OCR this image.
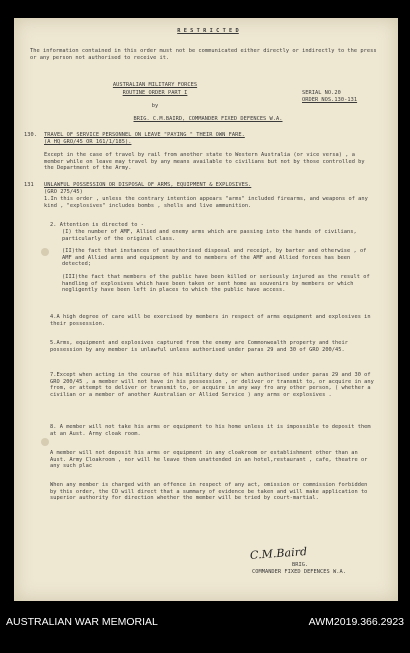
R E S T R I C T E D
The information contained in this order must not be communicated either directly or indirectly to the press or any person not authorised to receive it.
AUSTRALIAN MILITARY FORCES
ROUTINE ORDER PART I
by
SERIAL NO.20
ORDER NOS.130-131
BRIG. C.M.BAIRD, COMMANDER FIXED DEFENCES W.A.
130. TRAVEL OF SERVICE PERSONNEL ON LEAVE "PAYING " THEIR OWN FARE.
(A HQ GRO/45 OR 161/1/185).
Except in the case of travel by rail from another state to Western Australia (or vice versa) , a member while on leave may travel by any means available to civilians but not by those controlled by the Department of the Army.
131 UNLAWFUL POSSESSION OR DISPOSAL OF ARMS, EQUIPMENT & EXPLOSIVES.
(GRO 275/45)
1.In this order , unless the contrary intention appears "arms" included firearms, and weapons of any kind , "explosives" includes bombs , shells and live ammunition.
2. Attention is directed to -
(I) the number of AMF, Allied and enemy arms which are passing into the hands of civilians, particularly of the original class.
(II)the fact that instances of unauthorised disposal and receipt, by barter and otherwise , of AMF and Allied arms and equipment by and to members of the AMF and Allied forces has been detected;
(III)the fact that members of the public have been killed or seriously injured as the result of handling of explosives which have been taken or sent home as souvenirs by members or which negligently have been left in places to which the public have access.
4.A high degree of care will be exercised by members in respect of arms equipment and explosives in their possession.
5.Arms, equipment and explosives captured from the enemy are Commonwealth property and their possession by any member is unlawful unless authorised under paras 29 and 30 of GRO 200/45.
7.Except when acting in the course of his military duty or when authorised under paras 29 and 30 of GRO 200/45 , a member will not have in his possession , or deliver or transmit to, or acquire in any from, or attempt to deliver or transmit to, or acquire in any way fro any other person, ( whether a civilian or a member of another Australian or Allied Service ) any arms or explosives .
8. A member will not take his arms or equipment to his home unless it is impossible to deposit them at an Aust. Army cloak room.
A member will not deposit his arms or equipment in any cloakroom or establishment other than an Aust. Army Cloakroom , nor will he leave them unattended in an hotel,restaurant , cafe, theatre or any such plac
When any member is charged with an offence in respect of any act, omission or commission forbidden by this order, the CO will direct that a summary of evidence be taken and will make application to superior authority for direction whether the member will be tried by court-martial.
C.M.Baird
BRIG.
COMMANDER FIXED DEFENCES W.A.
AUSTRALIAN WAR MEMORIAL	AWM2019.366.2923
